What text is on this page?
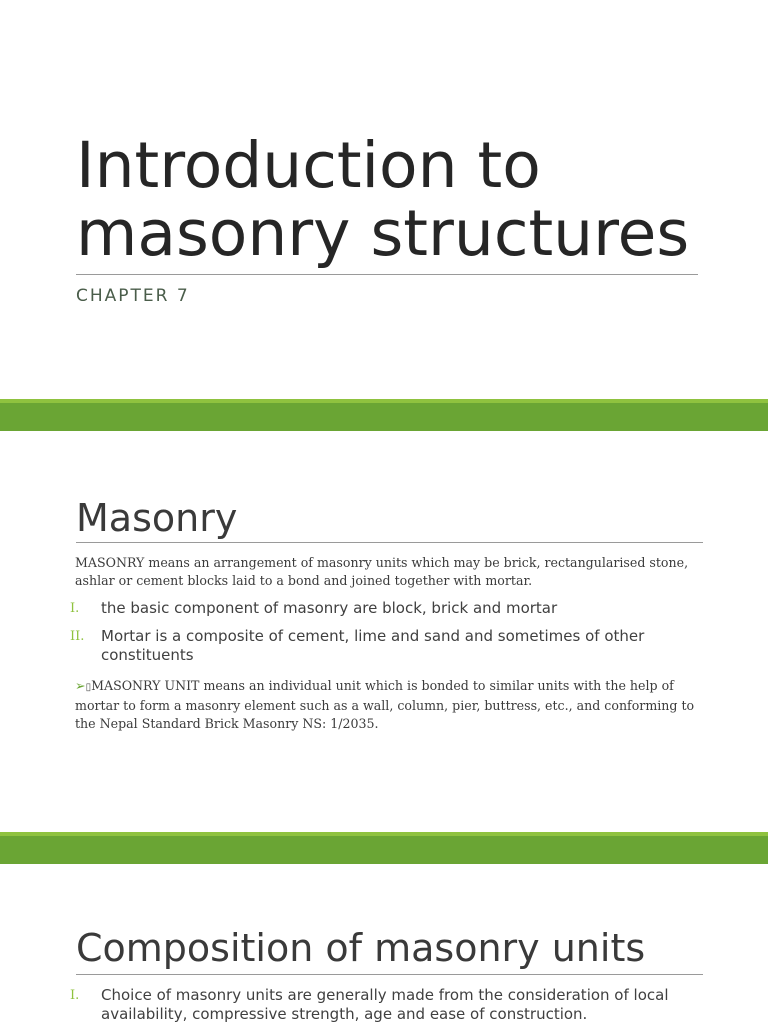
Introduction to
masonry structures
CHAPTER 7
Masonry
MASONRY means an arrangement of masonry units which may be brick, rectangularised stone, ashlar or cement blocks laid to a bond and joined together with mortar.
I. the basic component of masonry are block, brick and mortar
II. Mortar is a composite of cement, lime and sand and sometimes of other constituents
➢▯MASONRY UNIT means an individual unit which is bonded to similar units with the help of mortar to form a masonry element such as a wall, column, pier, buttress, etc., and conforming to the Nepal Standard Brick Masonry NS: 1/2035.
Composition of masonry units
I. Choice of masonry units are generally made from the consideration of local availability, compressive strength, age and ease of construction.
